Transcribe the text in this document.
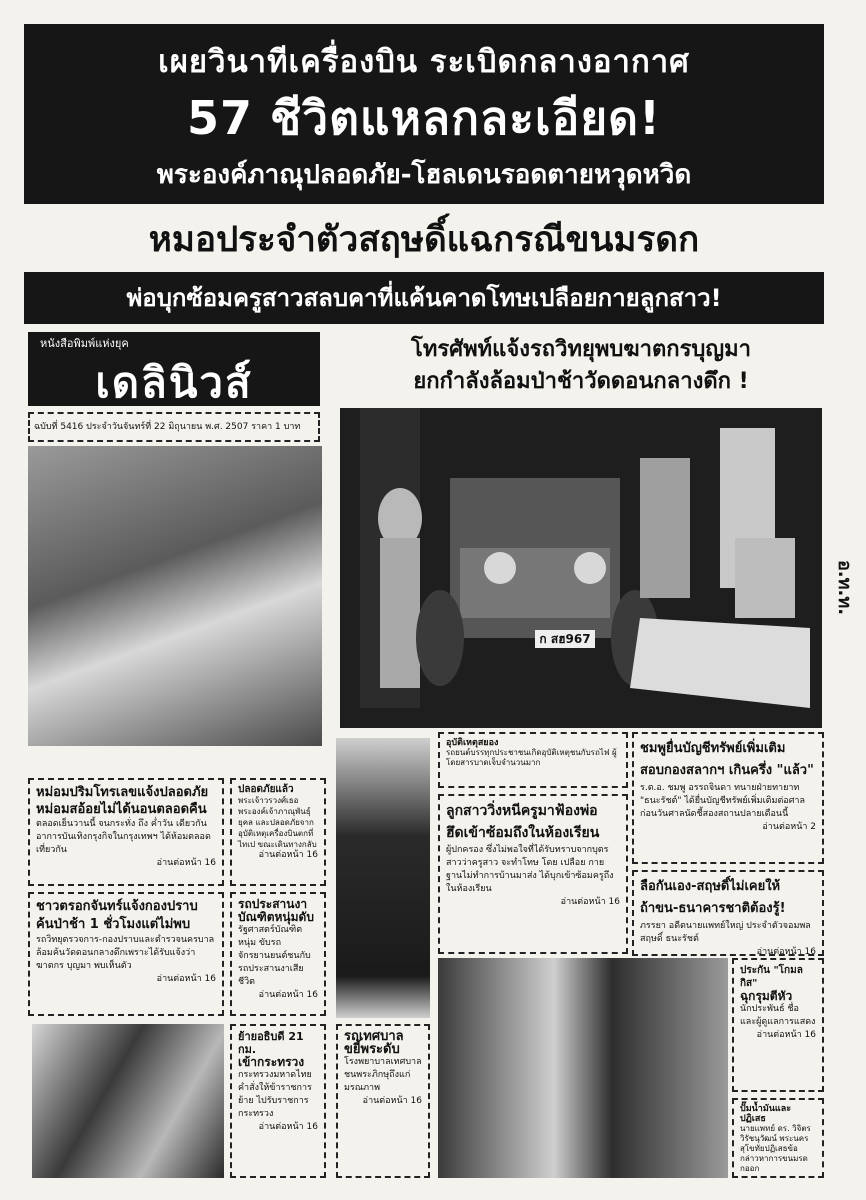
เผยวินาทีเครื่องบิน ระเบิดกลางอากาศ
57 ชีวิตแหลกละเอียด!
พระองค์ภาณุปลอดภัย-โฮลเดนรอดตายหวุดหวิด
หมอประจำตัวสฤษดิ์แฉกรณีขนมรดก
พ่อบุกซ้อมครูสาวสลบคาที่แค้นคาดโทษเปลือยกายลูกสาว!
หนังสือพิมพ์แห่งยุค
เดลินิวส์
ฉบับที่ 5416 ประจำวันจันทร์ที่ 22 มิถุนายน พ.ศ. 2507 ราคา 1 บาท
โทรศัพท์แจ้งรถวิทยุพบฆาตกรบุญมา
ยกกำลังล้อมป่าช้าวัดดอนกลางดึก !
ก สฮ967
อ.ท.ท.
หม่อมปริมโทรเลขแจ้งปลอดภัย
หม่อมสอ้อยไม่ได้นอนตลอดคืน
ตลอดเย็นวานนี้ จนกระทั่ง ถึง ค่ำวัน เดียวกัน อาการบันเทิงกรุงกิจในกรุงเทพฯ ได้ห้อมตลอดเที่ยวกัน
อ่านต่อหน้า 16
ปลอดภัยแล้ว
พระเจ้าวรวงศ์เธอพระองค์เจ้าภาณุพันธุ์ยุคล และปลอดภัยจากอุบัติเหตุเครื่องบินตกที่ไทเป ขณะเดินทางกลับ
อ่านต่อหน้า 16
ชาวตรอกจันทร์แจ้งกองปราบ
ค้นป่าช้า 1 ชั่วโมงแต่ไม่พบ
รถวิทยุตรวจการ-กองปราบและตำรวจนครบาล ล้อมค้นวัดดอนกลางดึกเพราะได้รับแจ้งว่า ฆาตกร บุญมา พบเห็นตัว
อ่านต่อหน้า 16
รถประสานงา
บัณฑิตหนุ่มดับ
รัฐศาสตร์บัณฑิตหนุ่ม ขับรถจักรยานยนต์ชนกับรถประสานงาเสียชีวิต
อ่านต่อหน้า 16
ย้ายอธิบดี 21 กม.
เข้ากระทรวง
กระทรวงมหาดไทยคำสั่งให้ข้าราชการย้าย ไปรับราชการกระทรวง
อ่านต่อหน้า 16
รถเทศบาล
ขยี้พระดับ
โรงพยาบาลเทศบาล ชนพระภิกษุถึงแก่มรณภาพ
อ่านต่อหน้า 16
อุบัติเหตุสยอง
รถยนต์บรรทุกประชาชนเกิดอุบัติเหตุชนกับรถไฟ ผู้โดยสารบาดเจ็บจำนวนมาก
ลูกสาววิ่งหนีครูมาฟ้องพ่อ
ฮึดเข้าซ้อมถึงในห้องเรียน
ผู้ปกครอง ซึ่งไม่พอใจที่ได้รับทราบจากบุตรสาวว่าครูสาว จะทำโทษ โดย เปลือย กาย ฐานไม่ทำการบ้านมาส่ง ได้บุกเข้าซ้อมครูถึงในห้องเรียน
อ่านต่อหน้า 16
ชมพูยื่นบัญชีทรัพย์เพิ่มเติม
สอบกองสลากฯ เกินครึ่ง "แล้ว"
ร.ต.อ. ชมพู อรรถจินดา ทนายฝ่ายทายาท "ธนะรัชต์" ได้ยื่นบัญชีทรัพย์เพิ่มเติมต่อศาล ก่อนวันศาลนัดชี้สองสถานปลายเดือนนี้
อ่านต่อหน้า 2
ลือกันเอง-สฤษดิ์ไม่เคยให้
ถ้าขน-ธนาคารชาติต้องรู้!
ภรรยา อดีตนายแพทย์ใหญ่ ประจำตัวจอมพลสฤษดิ์ ธนะรัชต์
อ่านต่อหน้า 16
ประกัน "โกมลกิส"
ฉุกรุมตีหัว
นักประพันธ์ ชื่อ และผู้ดูแลการแสดง
อ่านต่อหน้า 16
ปั๊มน้ำมันและปฏิเสธ
นายแพทย์ ดร. วิจิตร วิรัชนุวัฒน์ พระนครสุโขทัยปฏิเสธข้อกล่าวหาการขนมรดกออก
